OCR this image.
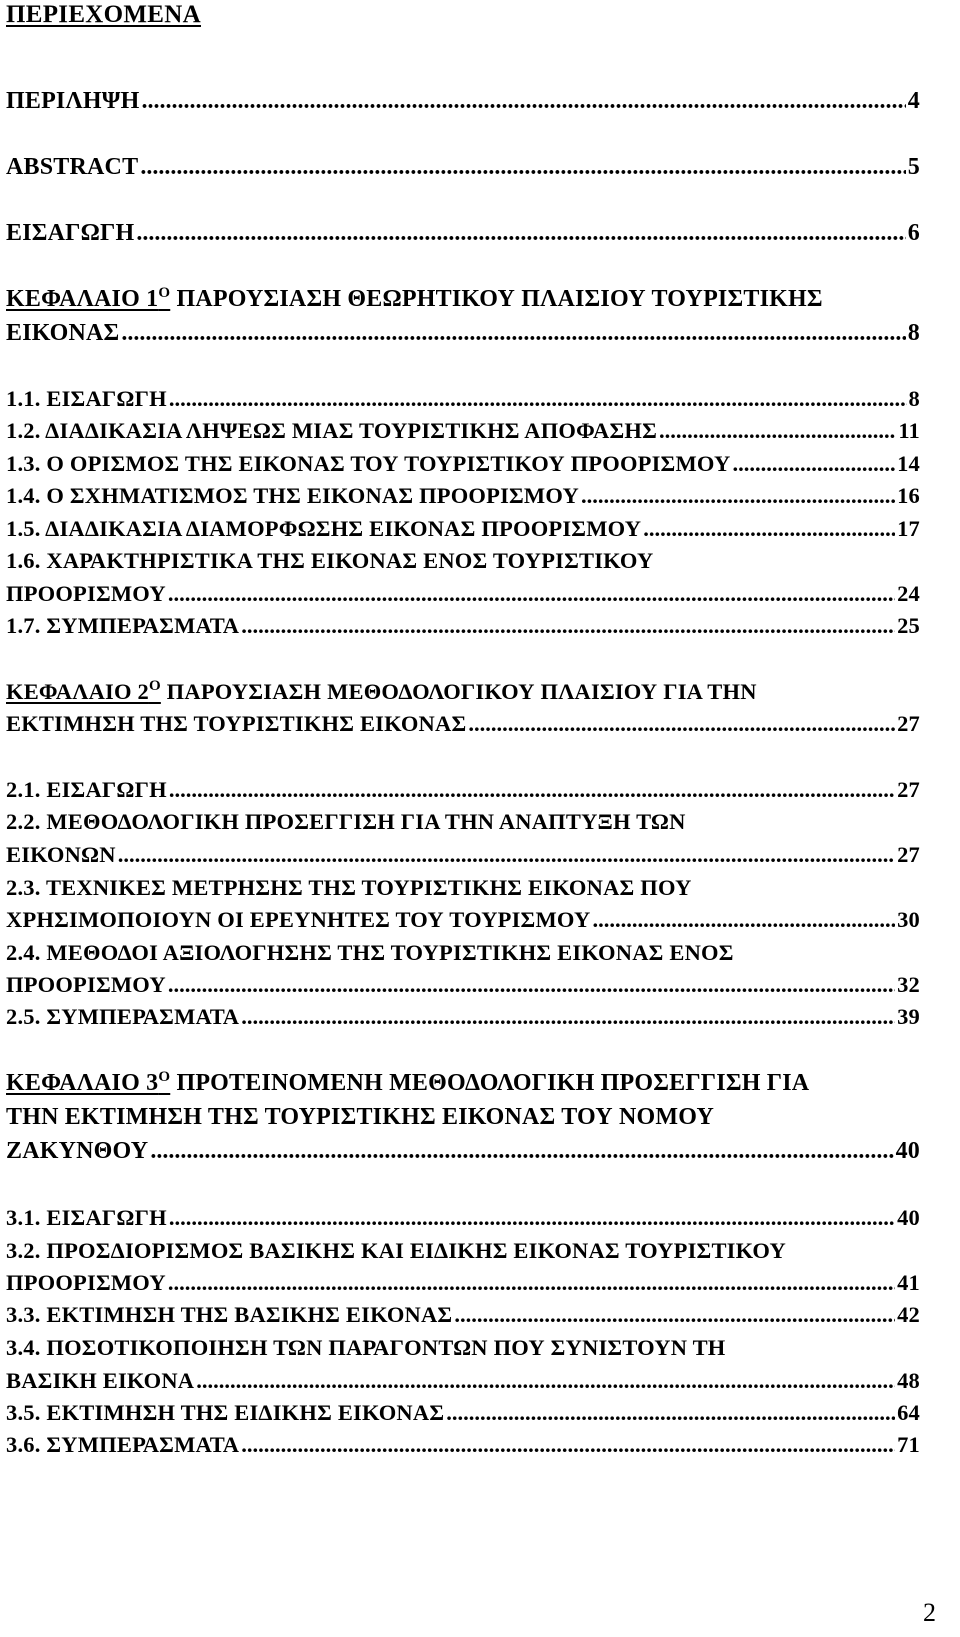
ΠΕΡΙΕΧΟΜΕΝΑ
ΠΕΡΙΛΗΨΗ .....	4
ABSTRACT .....	5
ΕΙΣΑΓΩΓΗ .....	6
ΚΕΦΑΛΑΙΟ $1^O$ ΠΑΡΟΥΣΙΑΣΗ ΘΕΩΡΗΤΙΚΟΥ ΠΛΑΙΣΙΟΥ ΤΟΥΡΙΣΤΙΚΗΣ
ΕΙΚΟΝΑΣ .....	8
1.1. ΕΙΣΑΓΩΓΗ .....	8
1.2. ΔΙΑΔΙΚΑΣΙΑ ΛΗΨΕΩΣ ΜΙΑΣ ΤΟΥΡΙΣΤΙΚΗΣ ΑΠΟΦΑΣΗΣ .....	11
1.3. Ο ΟΡΙΣΜΟΣ ΤΗΣ ΕΙΚΟΝΑΣ ΤΟΥ ΤΟΥΡΙΣΤΙΚΟΥ ΠΡΟΟΡΙΣΜΟΥ .....	14
1.4. Ο ΣΧΗΜΑΤΙΣΜΟΣ ΤΗΣ ΕΙΚΟΝΑΣ ΠΡΟΟΡΙΣΜΟΥ .....	16
1.5. ΔΙΑΔΙΚΑΣΙΑ ΔΙΑΜΟΡΦΩΣΗΣ ΕΙΚΟΝΑΣ ΠΡΟΟΡΙΣΜΟΥ .....	17
1.6. ΧΑΡΑΚΤΗΡΙΣΤΙΚΑ ΤΗΣ ΕΙΚΟΝΑΣ ΕΝΟΣ ΤΟΥΡΙΣΤΙΚΟΥ
ΠΡΟΟΡΙΣΜΟΥ .....	24
1.7. ΣΥΜΠΕΡΑΣΜΑΤΑ .....	25
ΚΕΦΑΛΑΙΟ $2^O$ ΠΑΡΟΥΣΙΑΣΗ ΜΕΘΟΔΟΛΟΓΙΚΟΥ ΠΛΑΙΣΙΟΥ ΓΙΑ ΤΗΝ
ΕΚΤΙΜΗΣΗ ΤΗΣ ΤΟΥΡΙΣΤΙΚΗΣ ΕΙΚΟΝΑΣ .....	27
2.1. ΕΙΣΑΓΩΓΗ .....	27
2.2. ΜΕΘΟΔΟΛΟΓΙΚΗ ΠΡΟΣΕΓΓΙΣΗ ΓΙΑ ΤΗΝ ΑΝΑΠΤΥΞΗ ΤΩΝ
ΕΙΚΟΝΩΝ .....	27
2.3. ΤΕΧΝΙΚΕΣ ΜΕΤΡΗΣΗΣ ΤΗΣ ΤΟΥΡΙΣΤΙΚΗΣ ΕΙΚΟΝΑΣ ΠΟΥ
ΧΡΗΣΙΜΟΠΟΙΟΥΝ ΟΙ ΕΡΕΥΝΗΤΕΣ ΤΟΥ ΤΟΥΡΙΣΜΟΥ .....	30
2.4. ΜΕΘΟΔΟΙ ΑΞΙΟΛΟΓΗΣΗΣ ΤΗΣ ΤΟΥΡΙΣΤΙΚΗΣ ΕΙΚΟΝΑΣ ΕΝΟΣ
ΠΡΟΟΡΙΣΜΟΥ .....	32
2.5. ΣΥΜΠΕΡΑΣΜΑΤΑ .....	39
ΚΕΦΑΛΑΙΟ $3^O$ ΠΡΟΤΕΙΝΟΜΕΝΗ ΜΕΘΟΔΟΛΟΓΙΚΗ ΠΡΟΣΕΓΓΙΣΗ ΓΙΑ
ΤΗΝ ΕΚΤΙΜΗΣΗ ΤΗΣ ΤΟΥΡΙΣΤΙΚΗΣ ΕΙΚΟΝΑΣ ΤΟΥ ΝΟΜΟΥ
ΖΑΚΥΝΘΟΥ .....	40
3.1. ΕΙΣΑΓΩΓΗ .....	40
3.2. ΠΡΟΣΔΙΟΡΙΣΜΟΣ ΒΑΣΙΚΗΣ ΚΑΙ ΕΙΔΙΚΗΣ ΕΙΚΟΝΑΣ ΤΟΥΡΙΣΤΙΚΟΥ
ΠΡΟΟΡΙΣΜΟΥ .....	41
3.3. ΕΚΤΙΜΗΣΗ ΤΗΣ ΒΑΣΙΚΗΣ ΕΙΚΟΝΑΣ .....	42
3.4. ΠΟΣΟΤΙΚΟΠΟΙΗΣΗ ΤΩΝ ΠΑΡΑΓΟΝΤΩΝ ΠΟΥ ΣΥΝΙΣΤΟΥΝ ΤΗ
ΒΑΣΙΚΗ ΕΙΚΟΝΑ .....	48
3.5. ΕΚΤΙΜΗΣΗ ΤΗΣ ΕΙΔΙΚΗΣ ΕΙΚΟΝΑΣ .....	64
3.6. ΣΥΜΠΕΡΑΣΜΑΤΑ .....	71
2
